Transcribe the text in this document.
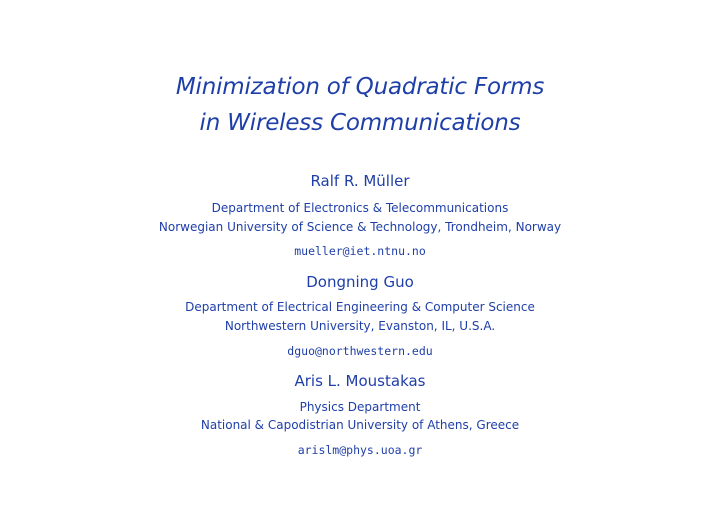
Minimization of Quadratic Forms
in Wireless Communications
Ralf R. Müller
Department of Electronics & Telecommunications
Norwegian University of Science & Technology, Trondheim, Norway
mueller@iet.ntnu.no
Dongning Guo
Department of Electrical Engineering & Computer Science
Northwestern University, Evanston, IL, U.S.A.
dguo@northwestern.edu
Aris L. Moustakas
Physics Department
National & Capodistrian University of Athens, Greece
arislm@phys.uoa.gr
